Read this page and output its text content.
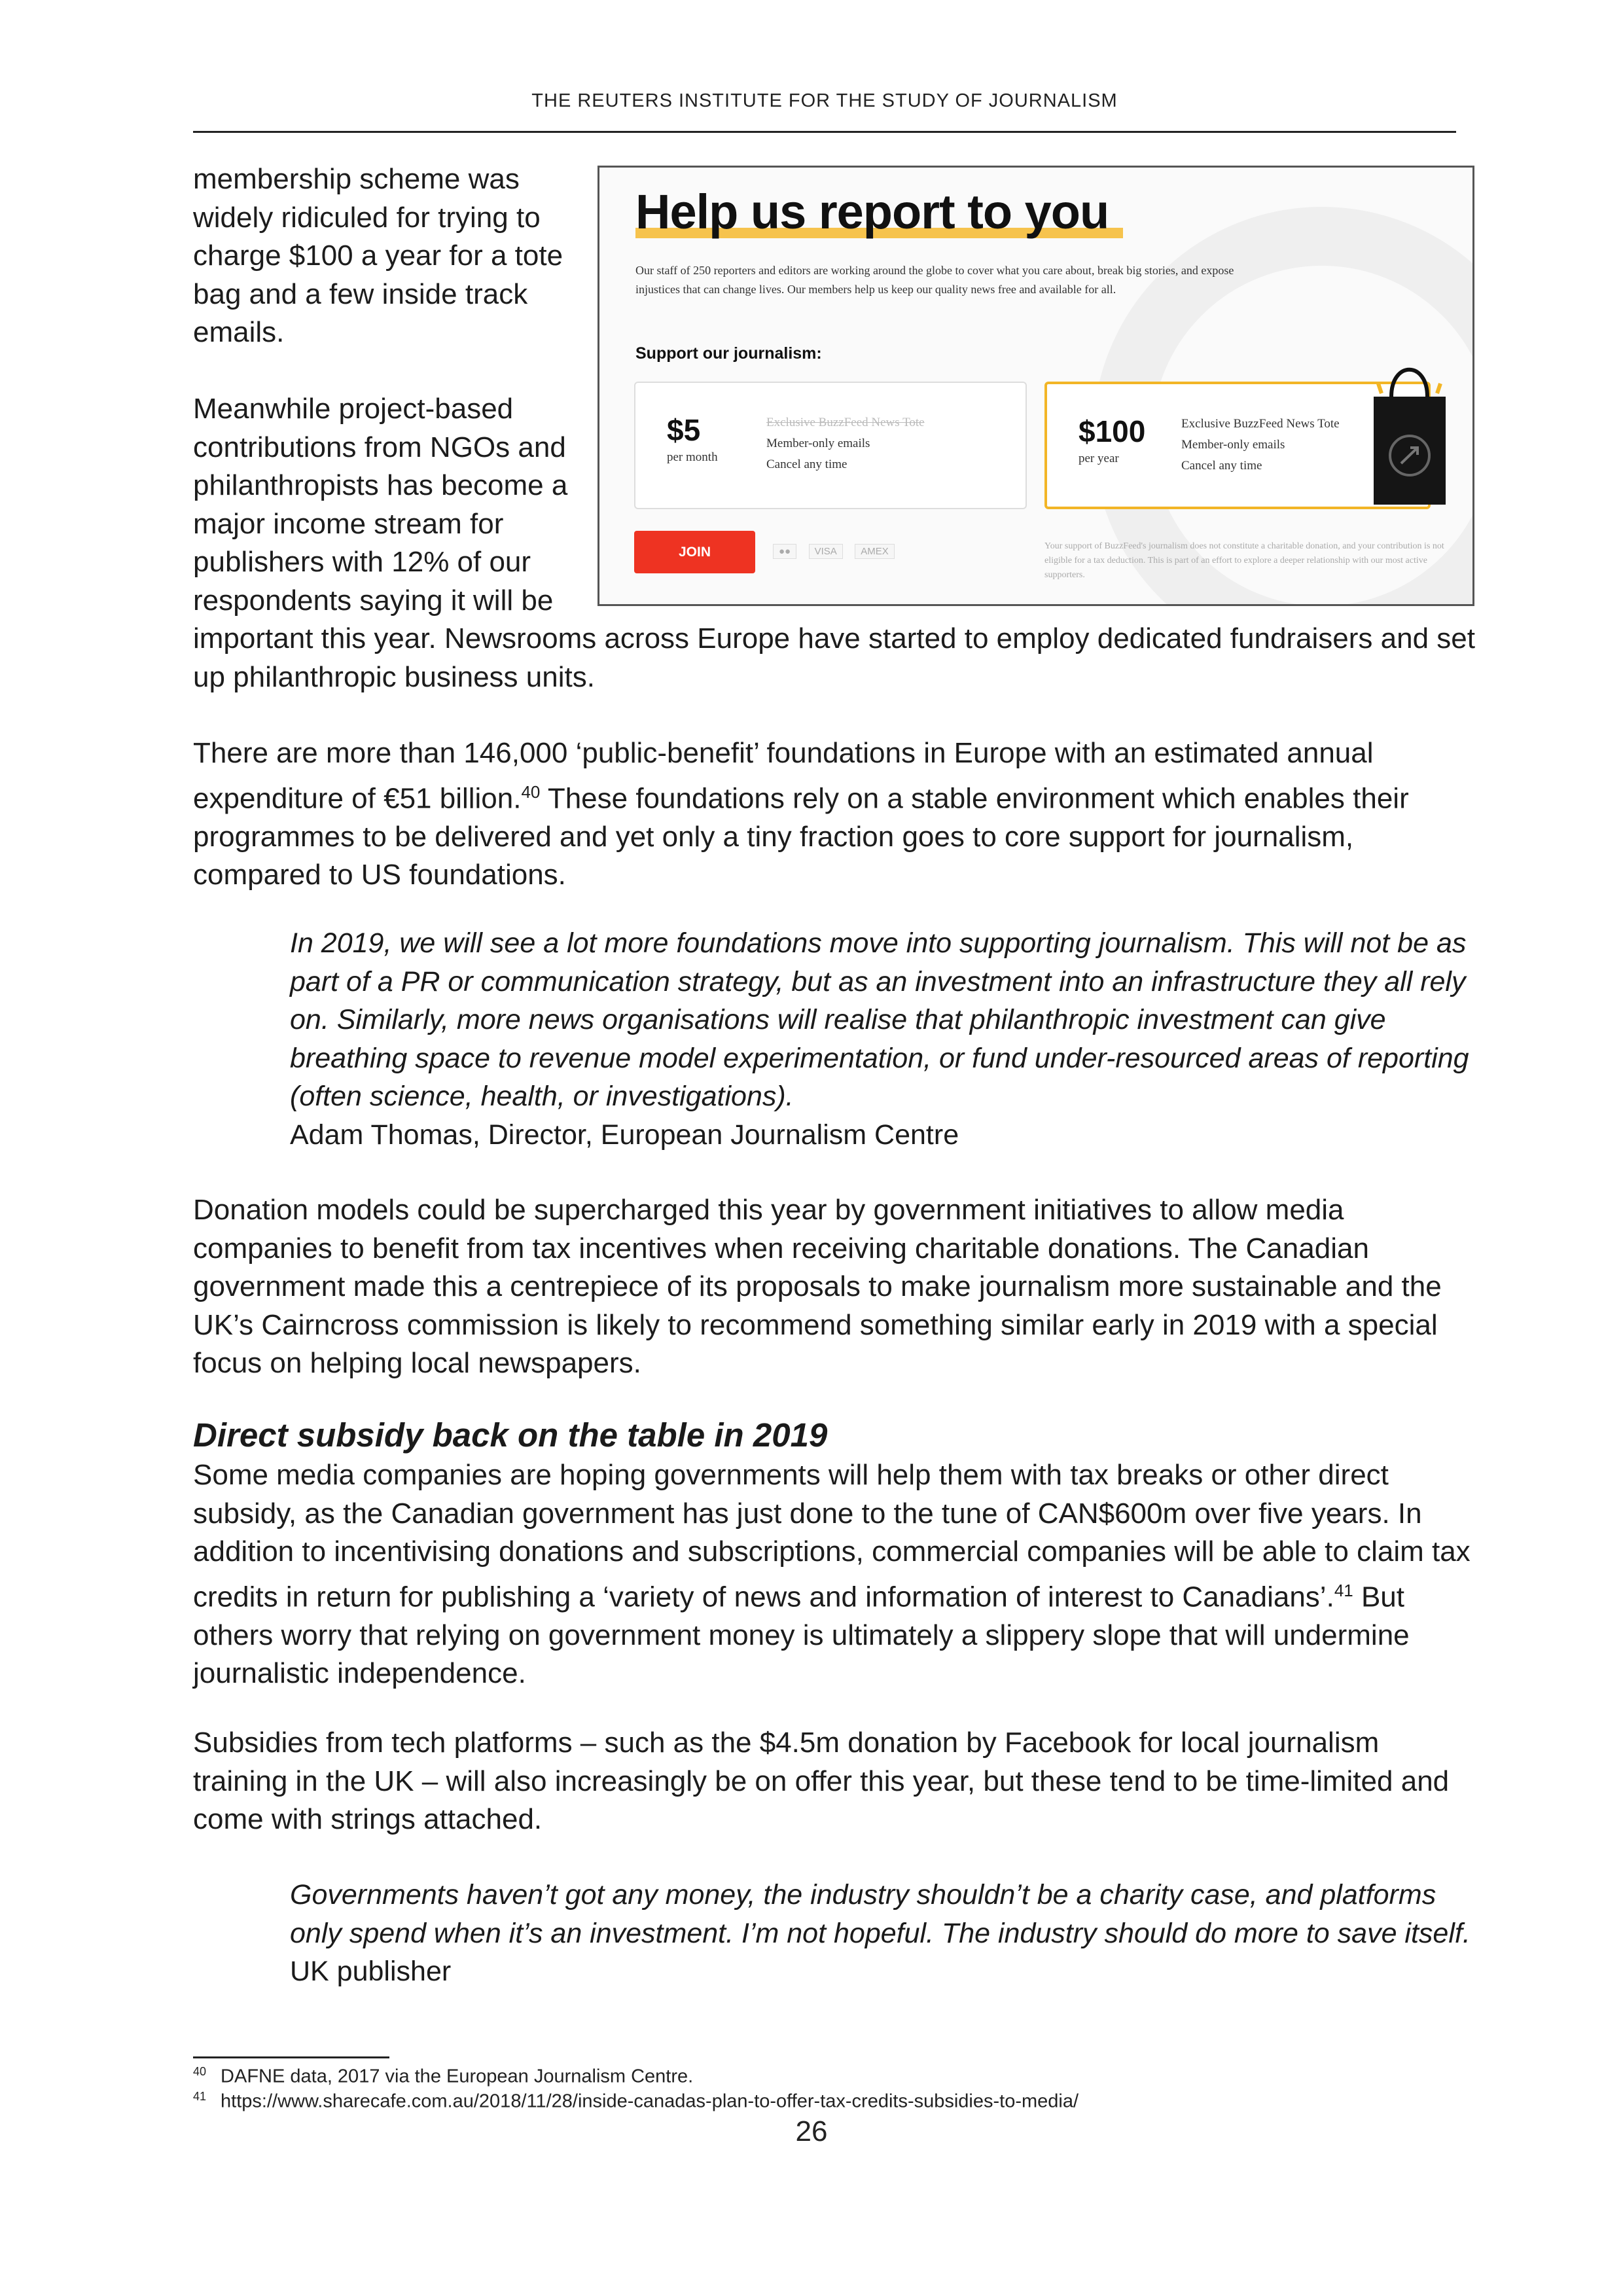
THE REUTERS INSTITUTE FOR THE STUDY OF JOURNALISM

membership scheme was widely ridiculed for trying to charge $100 a year for a tote bag and a few inside track emails.

Meanwhile project-based contributions from NGOs and philanthropists has become a major income stream for publishers with 12% of our respondents saying it will be

important this year. Newsrooms across Europe have started to employ dedicated fundraisers and set up philanthropic business units.

There are more than 146,000 ‘public-benefit’ foundations in Europe with an estimated annual expenditure of €51 billion.$^{40}$ These foundations rely on a stable environment which enables their programmes to be delivered and yet only a tiny fraction goes to core support for journalism, compared to US foundations.

In 2019, we will see a lot more foundations move into supporting journalism. This will not be as part of a PR or communication strategy, but as an investment into an infrastructure they all rely on. Similarly, more news organisations will realise that philanthropic investment can give breathing space to revenue model experimentation, or fund under-resourced areas of reporting (often science, health, or investigations).
Adam Thomas, Director, European Journalism Centre

Donation models could be supercharged this year by government initiatives to allow media companies to benefit from tax incentives when receiving charitable donations. The Canadian government made this a centrepiece of its proposals to make journalism more sustainable and the UK’s Cairncross commission is likely to recommend something similar early in 2019 with a special focus on helping local newspapers.

Direct subsidy back on the table in 2019

Some media companies are hoping governments will help them with tax breaks or other direct subsidy, as the Canadian government has just done to the tune of CAN$600m over five years. In addition to incentivising donations and subscriptions, commercial companies will be able to claim tax credits in return for publishing a ‘variety of news and information of interest to Canadians’.$^{41}$ But others worry that relying on government money is ultimately a slippery slope that will undermine journalistic independence.

Subsidies from tech platforms – such as the $4.5m donation by Facebook for local journalism training in the UK – will also increasingly be on offer this year, but these tend to be time-limited and come with strings attached.

Governments haven’t got any money, the industry shouldn’t be a charity case, and platforms only spend when it’s an investment. I’m not hopeful. The industry should do more to save itself.
UK publisher
Help us report to you
Our staff of 250 reporters and editors are working around the globe to cover what you care about, break big stories, and expose injustices that can change lives. Our members help us keep our quality news free and available for all.
Support our journalism:
$5
per month
Exclusive BuzzFeed News Tote
Member-only emails
Cancel any time
$100
per year
Exclusive BuzzFeed News Tote
Member-only emails
Cancel any time
JOIN	●● VISA AMEX	Your support of BuzzFeed's journalism does not constitute a charitable donation, and your contribution is not eligible for a tax deduction. This is part of an effort to explore a deeper relationship with our most active supporters.

$^{40}$ DAFNE data, 2017 via the European Journalism Centre.

$^{41}$ https://www.sharecafe.com.au/2018/11/28/inside-canadas-plan-to-offer-tax-credits-subsidies-to-media/

26
